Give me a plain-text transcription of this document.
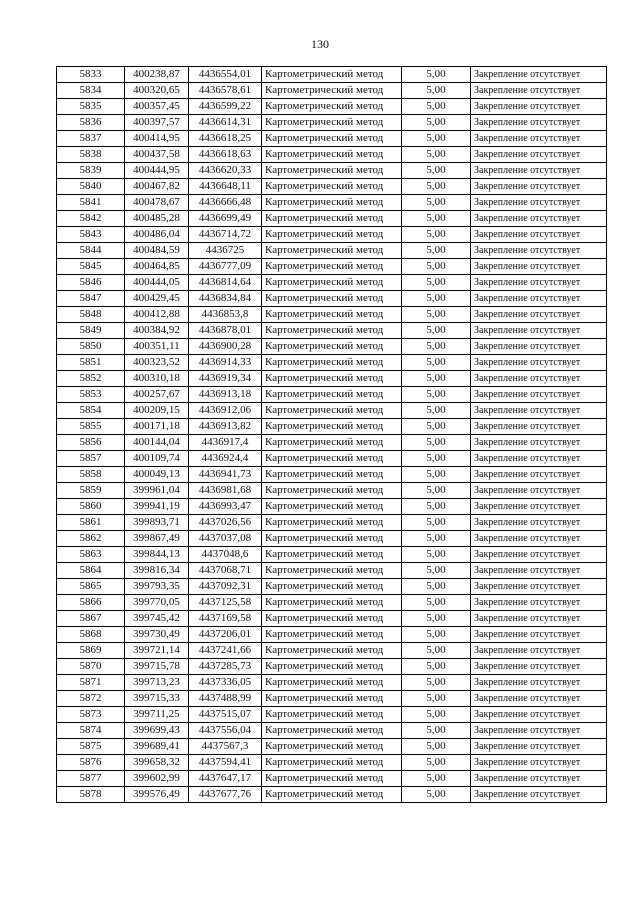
130
5833	400238,87	4436554,01	Картометрический метод	5,00	Закрепление отсутствует
5834	400320,65	4436578,61	Картометрический метод	5,00	Закрепление отсутствует
5835	400357,45	4436599,22	Картометрический метод	5,00	Закрепление отсутствует
5836	400397,57	4436614,31	Картометрический метод	5,00	Закрепление отсутствует
5837	400414,95	4436618,25	Картометрический метод	5,00	Закрепление отсутствует
5838	400437,58	4436618,63	Картометрический метод	5,00	Закрепление отсутствует
5839	400444,95	4436620,33	Картометрический метод	5,00	Закрепление отсутствует
5840	400467,82	4436648,11	Картометрический метод	5,00	Закрепление отсутствует
5841	400478,67	4436666,48	Картометрический метод	5,00	Закрепление отсутствует
5842	400485,28	4436699,49	Картометрический метод	5,00	Закрепление отсутствует
5843	400486,04	4436714,72	Картометрический метод	5,00	Закрепление отсутствует
5844	400484,59	4436725	Картометрический метод	5,00	Закрепление отсутствует
5845	400464,85	4436777,09	Картометрический метод	5,00	Закрепление отсутствует
5846	400444,05	4436814,64	Картометрический метод	5,00	Закрепление отсутствует
5847	400429,45	4436834,84	Картометрический метод	5,00	Закрепление отсутствует
5848	400412,88	4436853,8	Картометрический метод	5,00	Закрепление отсутствует
5849	400384,92	4436878,01	Картометрический метод	5,00	Закрепление отсутствует
5850	400351,11	4436900,28	Картометрический метод	5,00	Закрепление отсутствует
5851	400323,52	4436914,33	Картометрический метод	5,00	Закрепление отсутствует
5852	400310,18	4436919,34	Картометрический метод	5,00	Закрепление отсутствует
5853	400257,67	4436913,18	Картометрический метод	5,00	Закрепление отсутствует
5854	400209,15	4436912,06	Картометрический метод	5,00	Закрепление отсутствует
5855	400171,18	4436913,82	Картометрический метод	5,00	Закрепление отсутствует
5856	400144,04	4436917,4	Картометрический метод	5,00	Закрепление отсутствует
5857	400109,74	4436924,4	Картометрический метод	5,00	Закрепление отсутствует
5858	400049,13	4436941,73	Картометрический метод	5,00	Закрепление отсутствует
5859	399961,04	4436981,68	Картометрический метод	5,00	Закрепление отсутствует
5860	399941,19	4436993,47	Картометрический метод	5,00	Закрепление отсутствует
5861	399893,71	4437026,56	Картометрический метод	5,00	Закрепление отсутствует
5862	399867,49	4437037,08	Картометрический метод	5,00	Закрепление отсутствует
5863	399844,13	4437048,6	Картометрический метод	5,00	Закрепление отсутствует
5864	399816,34	4437068,71	Картометрический метод	5,00	Закрепление отсутствует
5865	399793,35	4437092,31	Картометрический метод	5,00	Закрепление отсутствует
5866	399770,05	4437125,58	Картометрический метод	5,00	Закрепление отсутствует
5867	399745,42	4437169,58	Картометрический метод	5,00	Закрепление отсутствует
5868	399730,49	4437206,01	Картометрический метод	5,00	Закрепление отсутствует
5869	399721,14	4437241,66	Картометрический метод	5,00	Закрепление отсутствует
5870	399715,78	4437285,73	Картометрический метод	5,00	Закрепление отсутствует
5871	399713,23	4437336,05	Картометрический метод	5,00	Закрепление отсутствует
5872	399715,33	4437488,99	Картометрический метод	5,00	Закрепление отсутствует
5873	399711,25	4437515,07	Картометрический метод	5,00	Закрепление отсутствует
5874	399699,43	4437556,04	Картометрический метод	5,00	Закрепление отсутствует
5875	399689,41	4437567,3	Картометрический метод	5,00	Закрепление отсутствует
5876	399658,32	4437594,41	Картометрический метод	5,00	Закрепление отсутствует
5877	399602,99	4437647,17	Картометрический метод	5,00	Закрепление отсутствует
5878	399576,49	4437677,76	Картометрический метод	5,00	Закрепление отсутствует
